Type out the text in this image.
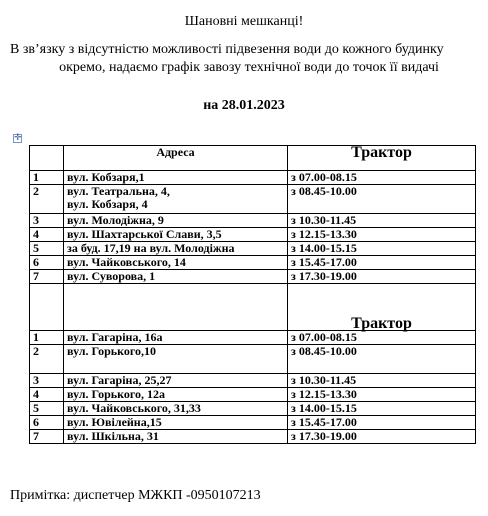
Шановні мешканці!
В зв’язку з відсутністю можливості підвезення води до кожного будинку
окремо, надаємо графік завозу технічної води до точок її видачі
на 28.01.2023
✛
	Адреса	Трактор
1	вул. Кобзаря,1	з 07.00-08.15
2	вул. Театральна, 4,
вул. Кобзаря, 4	з 08.45-10.00
3	вул. Молодіжна, 9	з 10.30-11.45
4	вул. Шахтарської Слави, 3,5	з 12.15-13.30
5	за буд. 17,19 на вул. Молодіжна	з 14.00-15.15
6	вул. Чайковського, 14	з 15.45-17.00
7	вул. Суворова, 1	з 17.30-19.00
		Трактор
1	вул. Гагаріна, 16а	з 07.00-08.15
2	вул. Горького,10	з 08.45-10.00
3	вул. Гагаріна, 25,27	з 10.30-11.45
4	вул. Горького, 12а	з 12.15-13.30
5	вул. Чайковського, 31,33	з 14.00-15.15
6	вул. Ювілейна,15	з 15.45-17.00
7	вул. Шкільна, 31	з 17.30-19.00
Примітка: диспетчер МЖКП -0950107213
